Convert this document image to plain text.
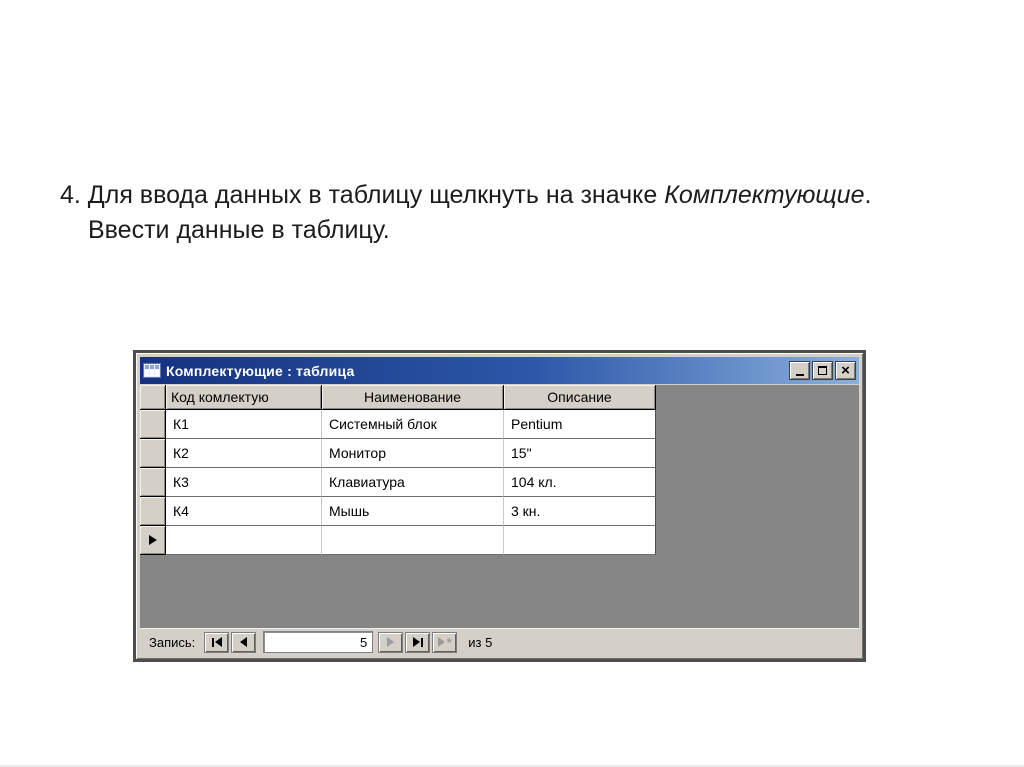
4. Для ввода данных в таблицу щелкнуть на значке Комплектующие.
Ввести данные в таблицу.
Комплектующие : таблица	×
Код комлектую	Наименование	Описание
К1	Системный блок	Pentium
К2	Монитор	15"
К3	Клавиатура	104 кл.
К4	Мышь	3 кн.
Запись:	5	* из 5
